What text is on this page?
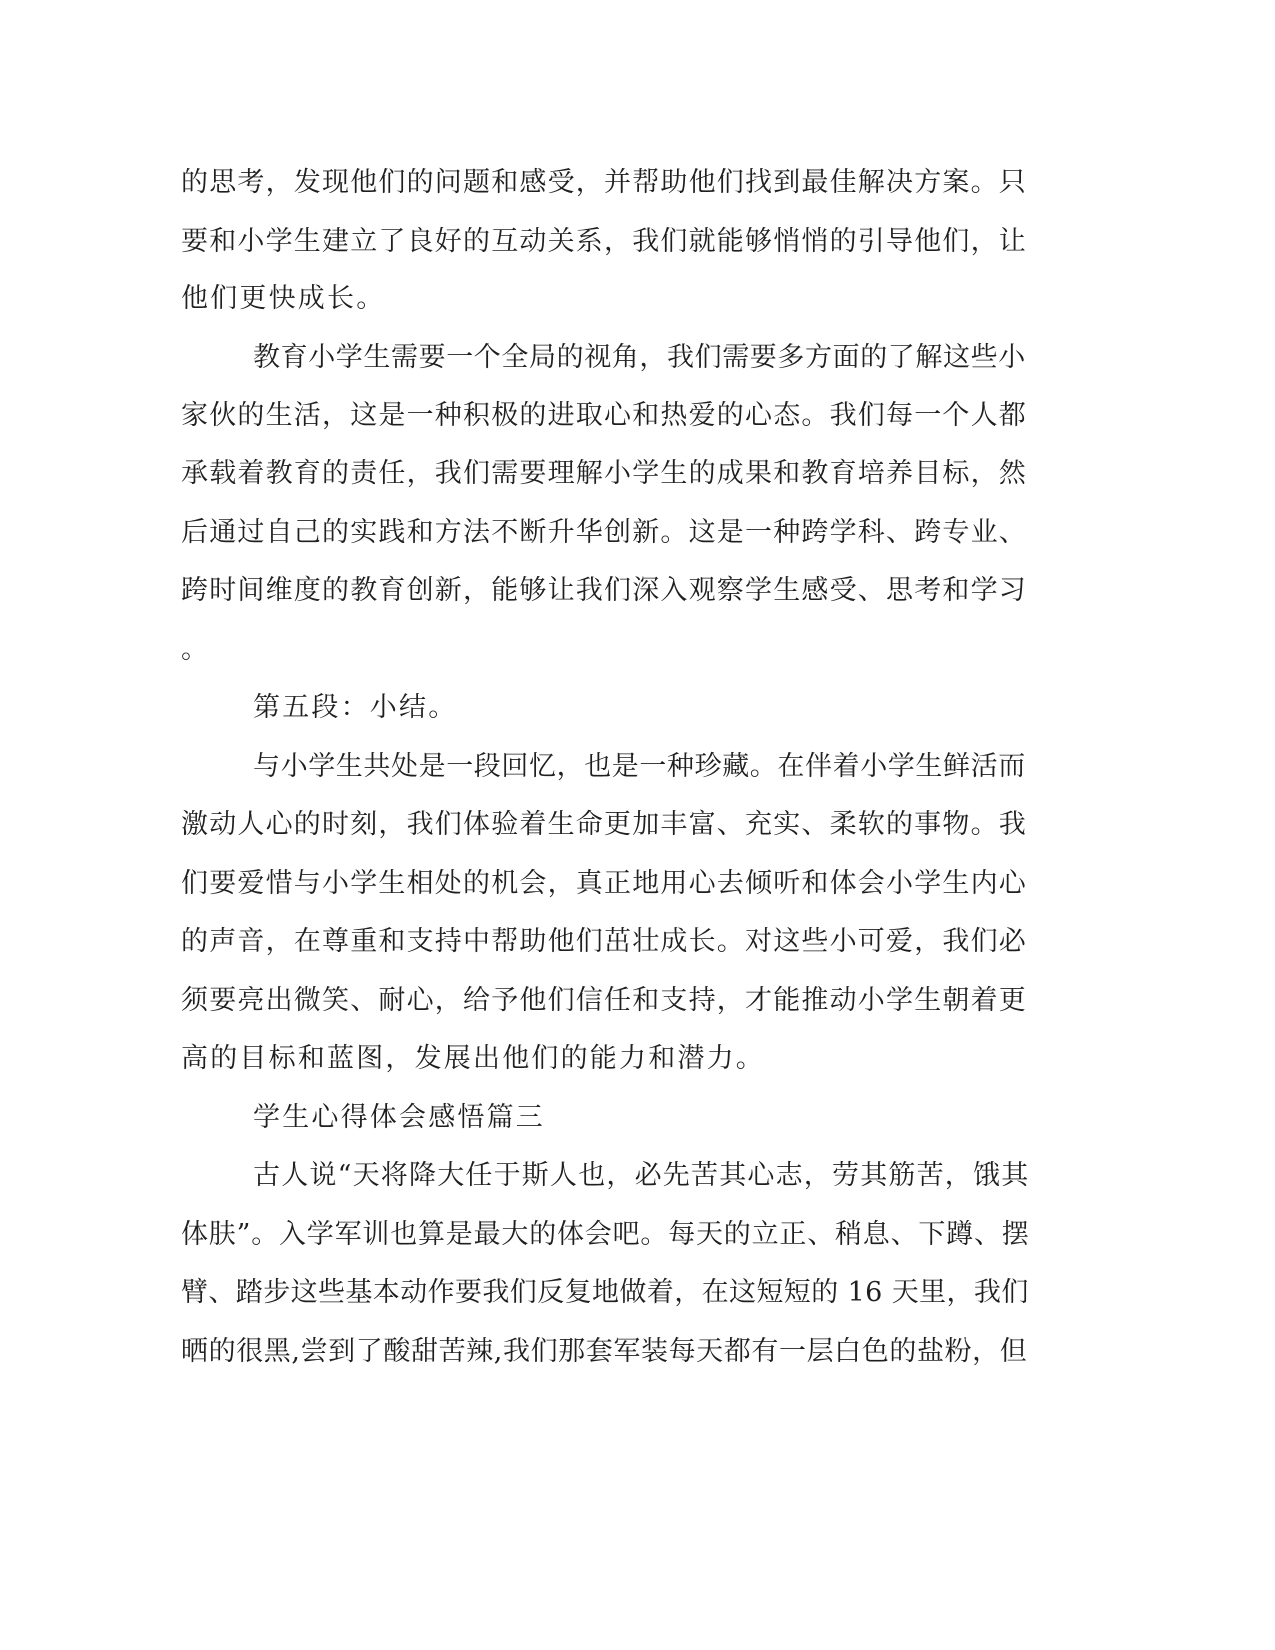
的思考，发现他们的问题和感受，并帮助他们找到最佳解决方案。只
要和小学生建立了良好的互动关系，我们就能够悄悄的引导他们，让
他们更快成长。
教育小学生需要一个全局的视角，我们需要多方面的了解这些小
家伙的生活，这是一种积极的进取心和热爱的心态。我们每一个人都
承载着教育的责任，我们需要理解小学生的成果和教育培养目标，然
后通过自己的实践和方法不断升华创新。这是一种跨学科、跨专业、
跨时间维度的教育创新，能够让我们深入观察学生感受、思考和学习
。
第五段：小结。
与小学生共处是一段回忆，也是一种珍藏。在伴着小学生鲜活而
激动人心的时刻，我们体验着生命更加丰富、充实、柔软的事物。我
们要爱惜与小学生相处的机会，真正地用心去倾听和体会小学生内心
的声音，在尊重和支持中帮助他们茁壮成长。对这些小可爱，我们必
须要亮出微笑、耐心，给予他们信任和支持，才能推动小学生朝着更
高的目标和蓝图，发展出他们的能力和潜力。
学生心得体会感悟篇三
古人说“天将降大任于斯人也，必先苦其心志，劳其筋苦，饿其
体肤”。入学军训也算是最大的体会吧。每天的立正、稍息、下蹲、摆
臂、踏步这些基本动作要我们反复地做着，在这短短的 16 天里，我们
晒的很黑,尝到了酸甜苦辣,我们那套军装每天都有一层白色的盐粉，但
